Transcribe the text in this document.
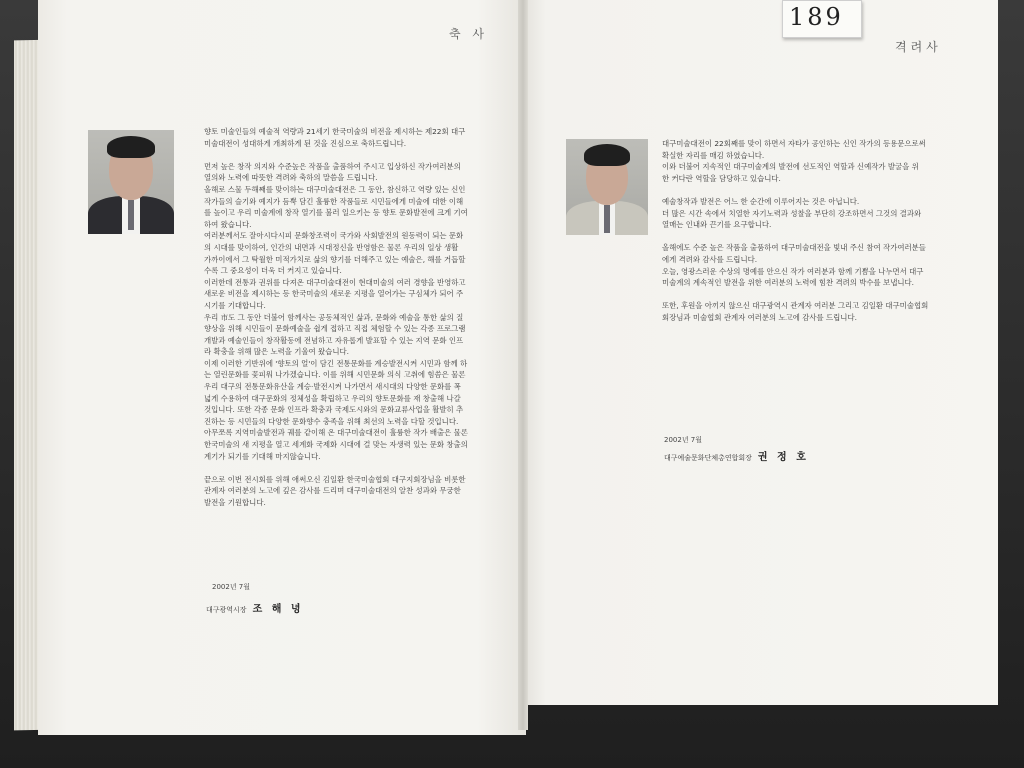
축 사
격려사
189

향토 미술인들의 예술적 역량과 21세기 한국미술의 비전을 제시하는 제22회 대구

미술대전이 성대하게 개최하게 된 것을 진심으로 축하드립니다.

먼저 높은 창작 의지와 수준높은 작품을 출품하여 주시고 입상하신 작가여러분의

열의와 노력에 따뜻한 격려와 축하의 말씀을 드립니다.

올해로 스물 두해째를 맞이하는 대구미술대전은 그 동안, 참신하고 역량 있는 신인

작가들의 슬기와 예지가 듬뿍 담긴 훌륭한 작품들로 시민들에게 미술에 대한 이해

를 높이고 우리 미술계에 창작 열기를 불러 일으키는 등 향토 문화발전에 크게 기여

하여 왔습니다.

여러분께서도 잘아시다시피 문화창조력이 국가와 사회발전의 원동력이 되는 문화

의 시대를 맞이하여, 인간의 내면과 시대정신을 반영함은 물론 우리의 일상 생활

가까이에서 그 탁월한 미적가치로 삶의 향기를 더해주고 있는 예술은, 해를 거듭할

수록 그 중요성이 더욱 더 커지고 있습니다.

이러한데 전통과 권위를 다져온 대구미술대전이 현대미술의 여러 경향을 반영하고

새로운 비전을 제시하는 등 한국미술의 새로운 지평을 열어가는 구심체가 되어 주

시기를 기대합니다.

우리 市도 그 동안 더불어 함께사는 공동체적인 삶과, 문화와 예술을 통한 삶의 질

향상을 위해 시민들이 문화예술을 쉽게 접하고 직접 체험할 수 있는 각종 프로그램

개발과 예술인들이 창작활동에 전념하고 자유롭게 발표할 수 있는 지역 문화 인프

라 확충을 위해 많은 노력을 기울여 왔습니다.

이제 이러한 기반위에 '향토의 얼'이 담긴 전통문화를 계승발전시켜 시민과 함께 하

는 열린문화를 꽃피워 나가겠습니다. 이를 위해 시민문화 의식 고취에 힘씀은 물론

우리 대구의 전통문화유산을 계승·발전시켜 나가면서 새시대의 다양한 문화를 폭

넓게 수용하여 대구문화의 정체성을 확립하고 우리의 향토문화를 재 창출해 나갈

것입니다. 또한 각종 문화 인프라 확충과 국제도시와의 문화교류사업을 활발히 추

진하는 등 시민들의 다양한 문화향수 충족을 위해 최선의 노력을 다할 것입니다.

아무쪼록 지역미술발전과 궤를 같이해 온 대구미술대전이 훌륭한 작가 배출은 물론

한국미술의 새 지평을 열고 세계화 국제화 시대에 걸 맞는 자생력 있는 문화 창출의

계기가 되기를 기대해 마지않습니다.

끝으로 이번 전시회를 위해 애써오신 김일환 한국미술협회 대구지회장님을 비롯한

관계자 여러분의 노고에 깊은 감사를 드리며 대구미술대전의 알찬 성과와 무궁한

발전을 기원합니다.

2002년 7월
대구광역시장 조 해 녕

대구미술대전이 22회째를 맞이 하면서 자타가 공인하는 신인 작가의 등용문으로써

확실한 자리를 매김 하였습니다.

이와 더불어 지속적인 대구미술계의 발전에 선도적인 역할과 신예작가 발굴을 위

한 커다란 역할을 담당하고 있습니다.

예술창작과 발전은 어느 한 순간에 이루어지는 것은 아닙니다.

더 많은 시간 속에서 치열한 자기노력과 성찰을 부단히 강조하면서 그것의 결과와

열매는 인내와 끈기를 요구합니다.

올해에도 수준 높은 작품을 출품하여 대구미술대전을 빛내 주신 참여 작가여러분들

에게 격려와 감사를 드립니다.

오늘, 영광스러운 수상의 명예를 안으신 작가 여러분과 함께 기쁨을 나누면서 대구

미술계의 계속적인 발전을 위한 여러분의 노력에 힘찬 격려의 박수를 보냅니다.

또한, 후원을 아끼지 않으신 대구광역시 관계자 여러분 그리고 김일환 대구미술협회

회장님과 미술협회 관계자 여러분의 노고에 감사를 드립니다.

2002년 7월
대구예술문화단체총연합회장 권 정 호
